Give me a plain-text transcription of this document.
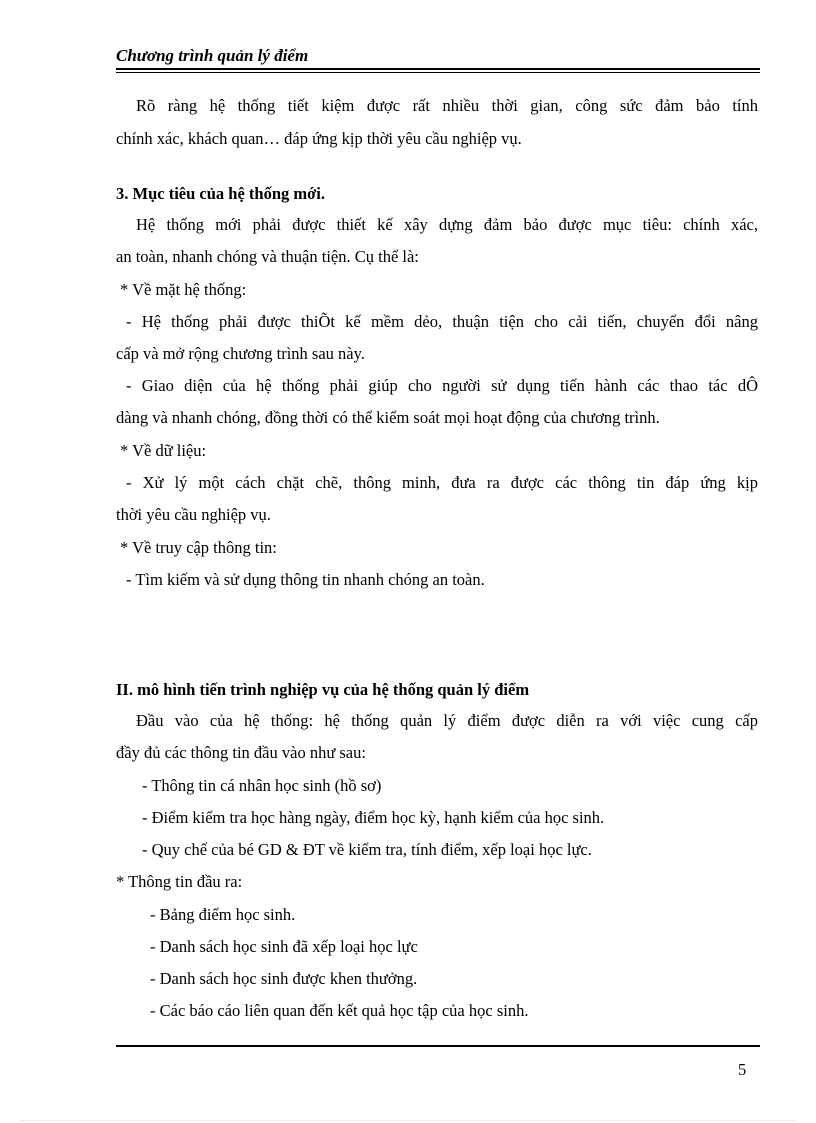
Chương trình quản lý điểm
Rõ ràng hệ thống tiết kiệm được rất nhiều thời gian, công sức đảm bảo tính
chính xác, khách quan… đáp ứng kịp thời yêu cầu nghiệp vụ.
3. Mục tiêu của hệ thống mới.
Hệ thống mới phải được thiết kế xây dựng đảm bảo được mục tiêu: chính xác,
an toàn, nhanh chóng và thuận tiện. Cụ thể là:
* Về mặt hệ thống:
- Hệ thống phải được thiÕt kế mềm dẻo, thuận tiện cho cải tiến, chuyển đổi nâng
cấp và mở rộng chương trình sau này.
- Giao diện của hệ thống phải giúp cho người sử dụng tiến hành các thao tác dÔ
dàng và nhanh chóng, đồng thời có thể kiểm soát mọi hoạt động của chương trình.
* Về dữ liệu:
- Xử lý một cách chặt chẽ, thông minh, đưa ra được các thông tin đáp ứng kịp
thời yêu cầu nghiệp vụ.
* Về truy cập thông tin:
- Tìm kiếm và sử dụng thông tin nhanh chóng an toàn.
II. mô hình tiến trình nghiệp vụ của hệ thống quản lý điểm
Đầu vào của hệ thống: hệ thống quản lý điểm được diễn ra với việc cung cấp
đầy đủ các thông tin đầu vào như sau:
- Thông tin cá nhân học sinh (hồ sơ)
- Điểm kiểm tra học hàng ngày, điểm học kỳ, hạnh kiểm của học sinh.
- Quy chế của bé GD & ĐT về kiểm tra, tính điểm, xếp loại học lực.
* Thông tin đầu ra:
- Bảng điểm học sinh.
- Danh sách học sinh đã xếp loại học lực
- Danh sách học sinh được khen thưởng.
- Các báo cáo liên quan đến kết quả học tập của học sinh.
5
